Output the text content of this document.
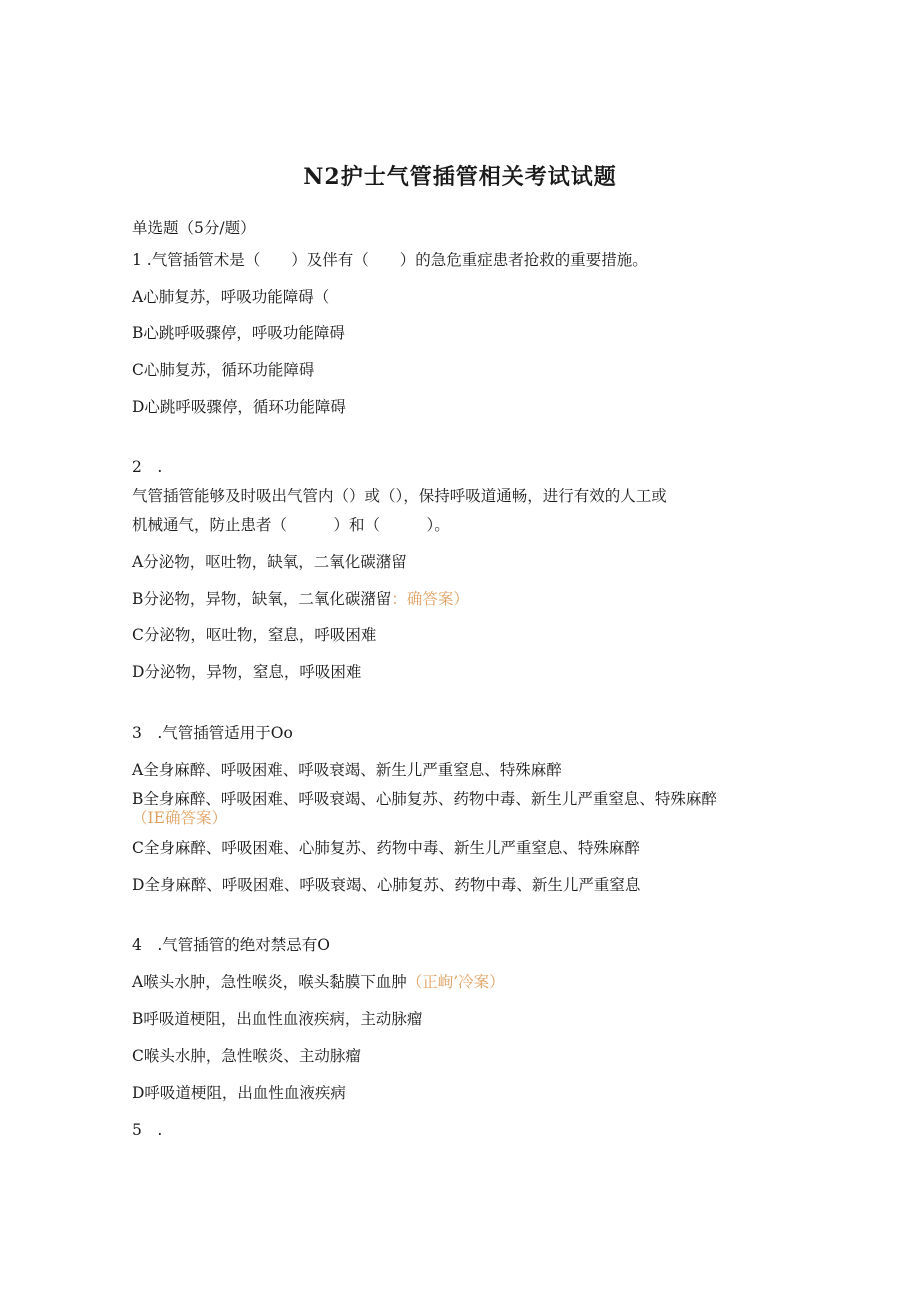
N2护士气管插管相关考试试题
单选题（5分/题）
1 .气管插管术是（　　）及伴有（　　）的急危重症患者抢救的重要措施。
A心肺复苏，呼吸功能障碍（
B心跳呼吸骤停，呼吸功能障碍
C心肺复苏，循环功能障碍
D心跳呼吸骤停，循环功能障碍
2　.
气管插管能够及时吸出气管内（）或（），保持呼吸道通畅，进行有效的人工或
机械通气，防止患者（　　　）和（　　　）。
A分泌物，呕吐物，缺氧，二氧化碳潴留
B分泌物，异物，缺氧，二氧化碳潴留：确答案）
C分泌物，呕吐物，窒息，呼吸困难
D分泌物，异物，窒息，呼吸困难
3　.气管插管适用于Oo
A全身麻醉、呼吸困难、呼吸衰竭、新生儿严重窒息、特殊麻醉
B全身麻醉、呼吸困难、呼吸衰竭、心肺复苏、药物中毒、新生儿严重窒息、特殊麻醉
（IE确答案）
C全身麻醉、呼吸困难、心肺复苏、药物中毒、新生儿严重窒息、特殊麻醉
D全身麻醉、呼吸困难、呼吸衰竭、心肺复苏、药物中毒、新生儿严重窒息
4　.气管插管的绝对禁忌有O
A喉头水肿，急性喉炎，喉头黏膜下血肿（正峋’冷案）
B呼吸道梗阻，出血性血液疾病，主动脉瘤
C喉头水肿，急性喉炎、主动脉瘤
D呼吸道梗阻，出血性血液疾病
5　.
